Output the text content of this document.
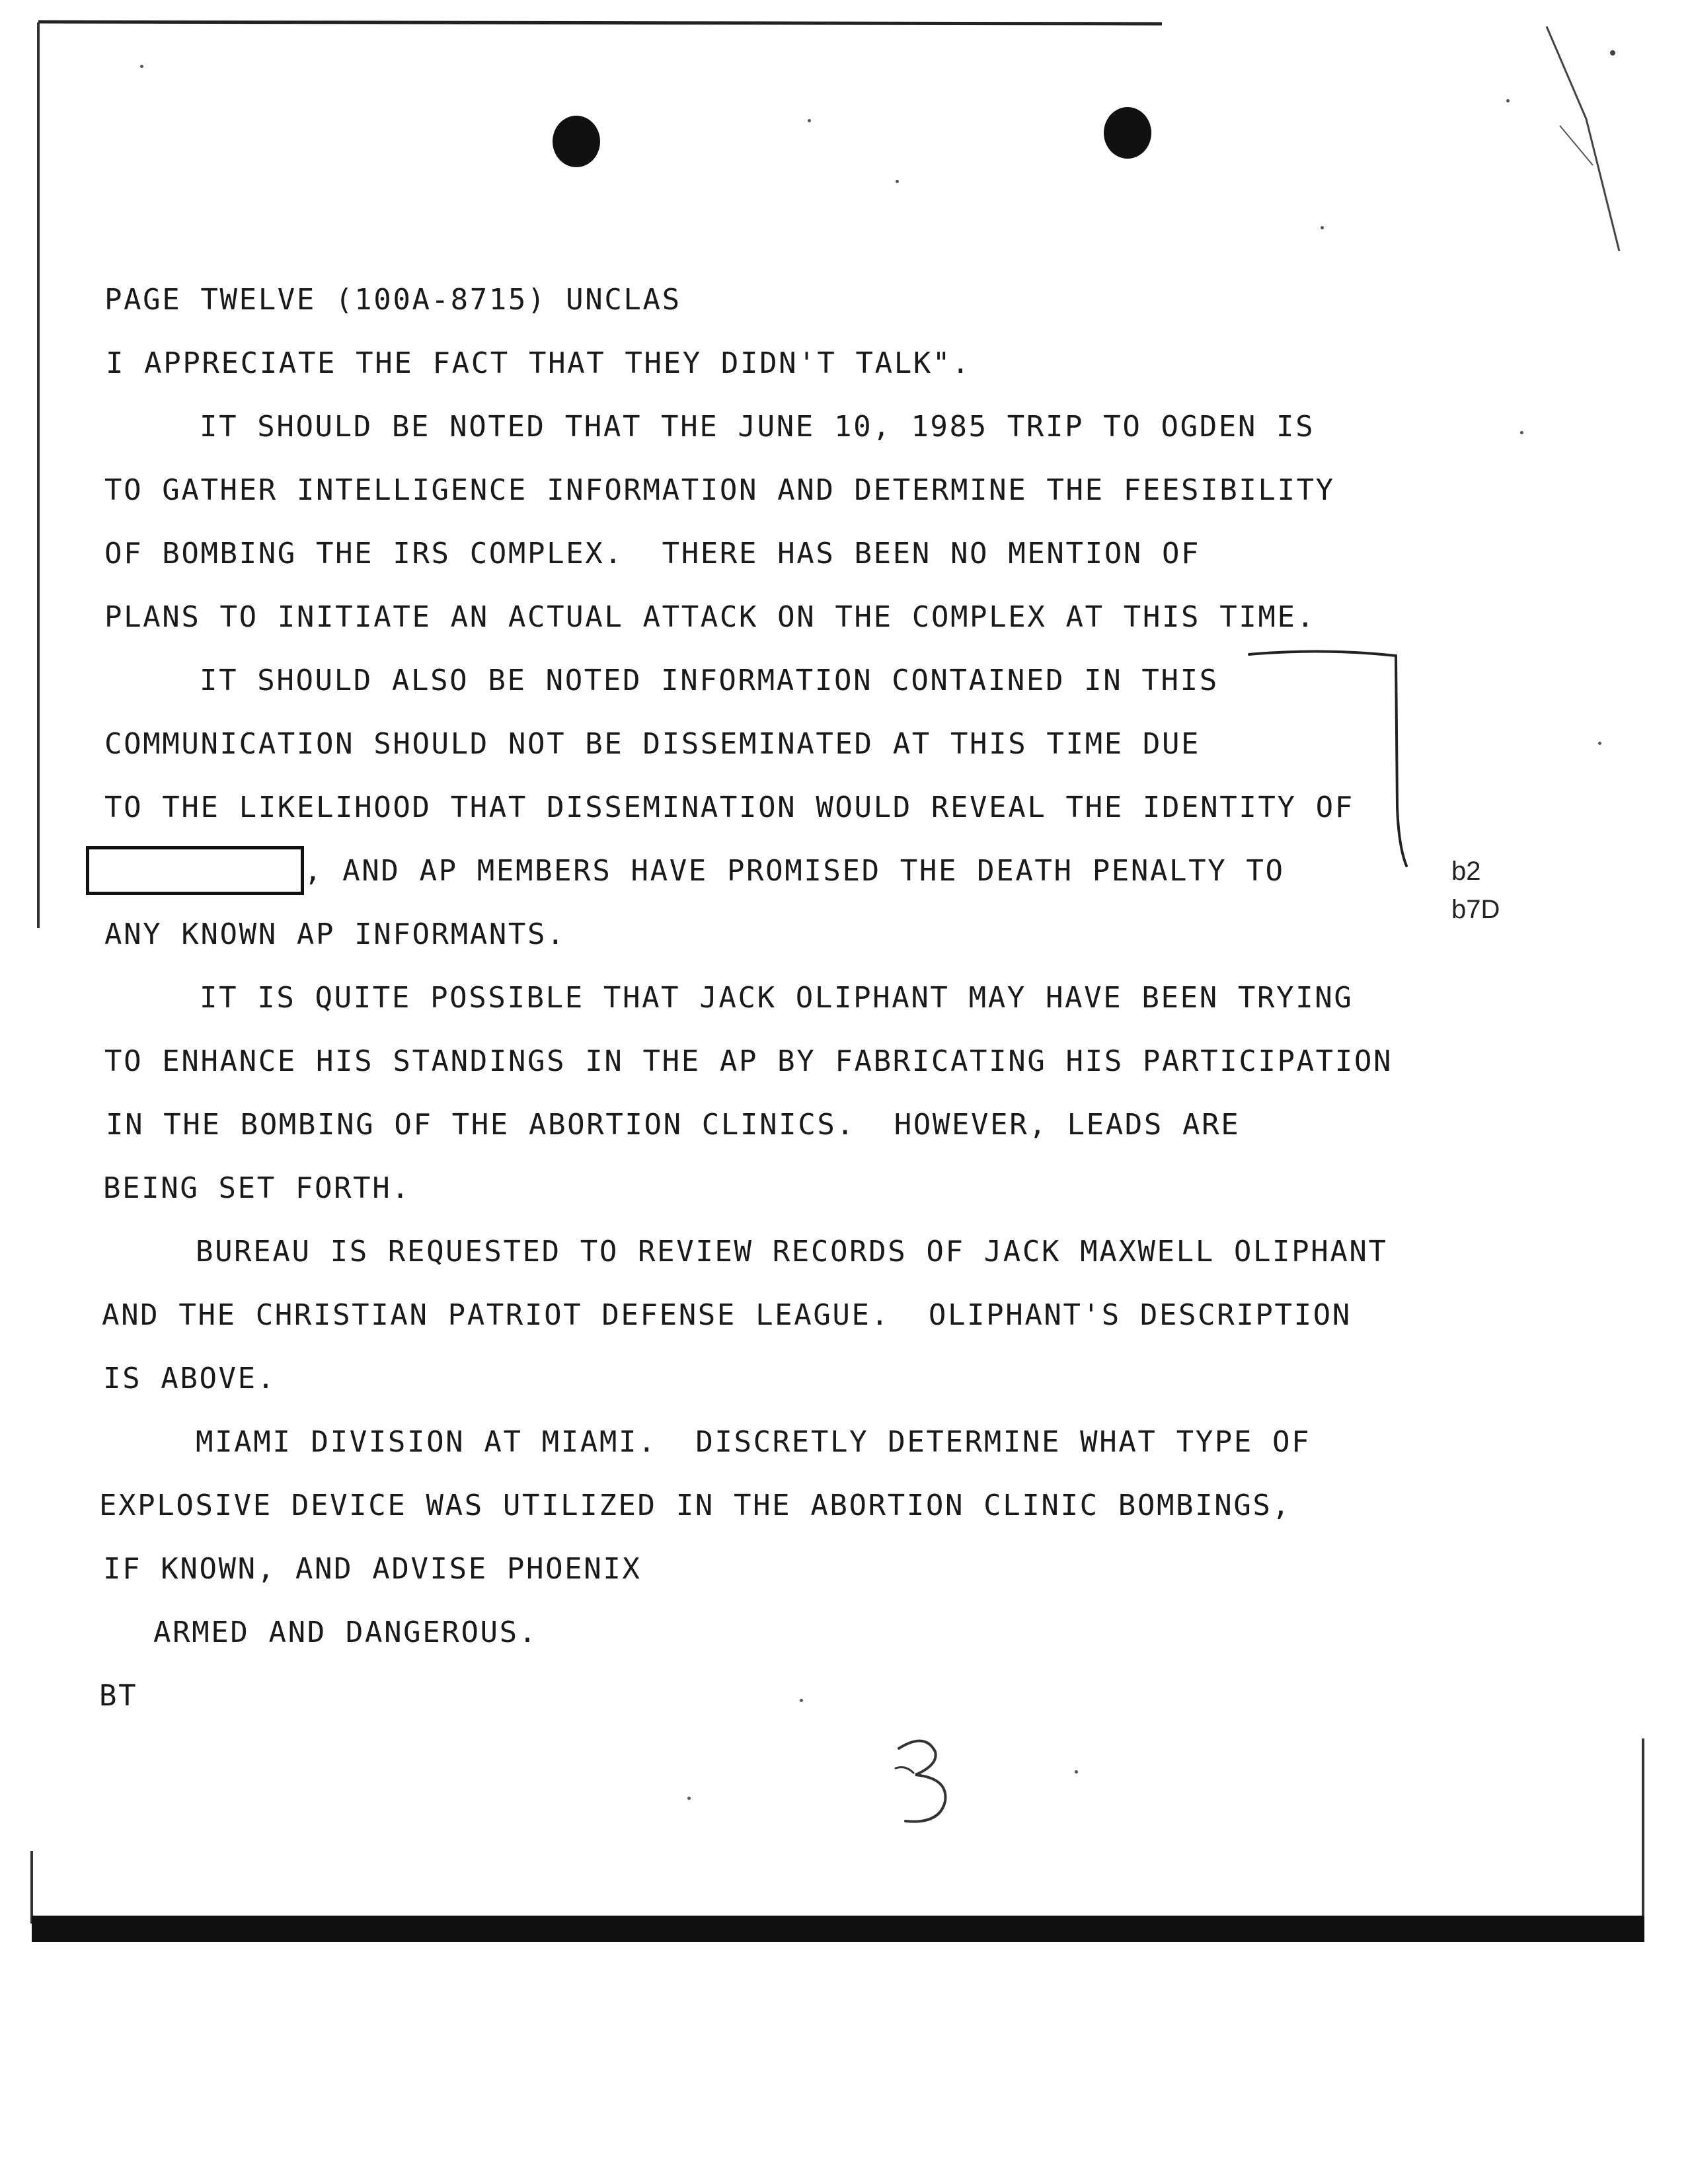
PAGE TWELVE (100A-8715) UNCLAS
I APPRECIATE THE FACT THAT THEY DIDN'T TALK".
IT SHOULD BE NOTED THAT THE JUNE 10, 1985 TRIP TO OGDEN IS
TO GATHER INTELLIGENCE INFORMATION AND DETERMINE THE FEESIBILITY
OF BOMBING THE IRS COMPLEX.  THERE HAS BEEN NO MENTION OF
PLANS TO INITIATE AN ACTUAL ATTACK ON THE COMPLEX AT THIS TIME.
IT SHOULD ALSO BE NOTED INFORMATION CONTAINED IN THIS
COMMUNICATION SHOULD NOT BE DISSEMINATED AT THIS TIME DUE
TO THE LIKELIHOOD THAT DISSEMINATION WOULD REVEAL THE IDENTITY OF
, AND AP MEMBERS HAVE PROMISED THE DEATH PENALTY TO
ANY KNOWN AP INFORMANTS.
IT IS QUITE POSSIBLE THAT JACK OLIPHANT MAY HAVE BEEN TRYING
TO ENHANCE HIS STANDINGS IN THE AP BY FABRICATING HIS PARTICIPATION
IN THE BOMBING OF THE ABORTION CLINICS.  HOWEVER, LEADS ARE
BEING SET FORTH.
BUREAU IS REQUESTED TO REVIEW RECORDS OF JACK MAXWELL OLIPHANT
AND THE CHRISTIAN PATRIOT DEFENSE LEAGUE.  OLIPHANT'S DESCRIPTION
IS ABOVE.
MIAMI DIVISION AT MIAMI.  DISCRETLY DETERMINE WHAT TYPE OF
EXPLOSIVE DEVICE WAS UTILIZED IN THE ABORTION CLINIC BOMBINGS,
IF KNOWN, AND ADVISE PHOENIX
ARMED AND DANGEROUS.
BT
b2
b7D
